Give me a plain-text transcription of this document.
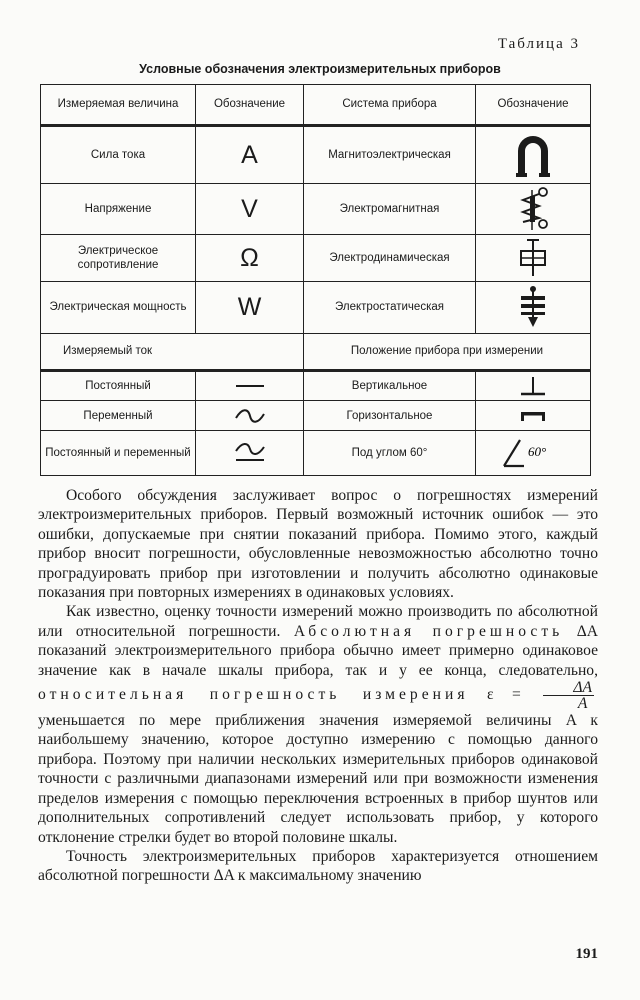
Таблица 3
Условные обозначения электроизмерительных приборов
Измеряемая величина	Обозначение	Система прибора	Обозначение
Сила тока	A	Магнитоэлектрическая	

Напряжение	V	Электромагнитная	

Электрическое сопротивление	Ω	Электродинамическая	

Электрическая мощность	W	Электростатическая	

Измеряемый ток		Положение прибора при измерении	
Постоянный		Вертикальное	

Переменный		Горизонтальное	

Постоянный и переменный		Под углом 60°	60°

Особого обсуждения заслуживает вопрос о погрешностях измерений электроизмерительных приборов. Первый возможный источник ошибок — это ошибки, допускаемые при снятии показаний прибора. Помимо этого, каждый прибор вносит погрешности, обусловленные невозможностью абсолютно точно проградуировать прибор при изготовлении и получить абсолютно одинаковые показания при повторных измерениях в одинаковых условиях.

Как известно, оценку точности измерений можно производить по абсолютной или относительной погрешности. Абсолютная погрешность ΔA показаний электроизмерительного прибора обычно имеет примерно одинаковое значение как в начале шкалы прибора, так и у ее конца, следовательно, относительная погрешность измерения $\varepsilon = \frac{\Delta A}{A}$
уменьшается по мере приближения значения измеряемой величины A к наибольшему значению, которое доступно измерению с помощью данного прибора. Поэтому при наличии нескольких измерительных приборов одинаковой точности с различными диапазонами измерений или при возможности изменения пределов измерения с помощью переключения встроенных в прибор шунтов или дополнительных сопротивлений следует использовать прибор, у которого отклонение стрелки будет во второй половине шкалы.

Точность электроизмерительных приборов характеризуется отношением абсолютной погрешности ΔA к максимальному значению

191
